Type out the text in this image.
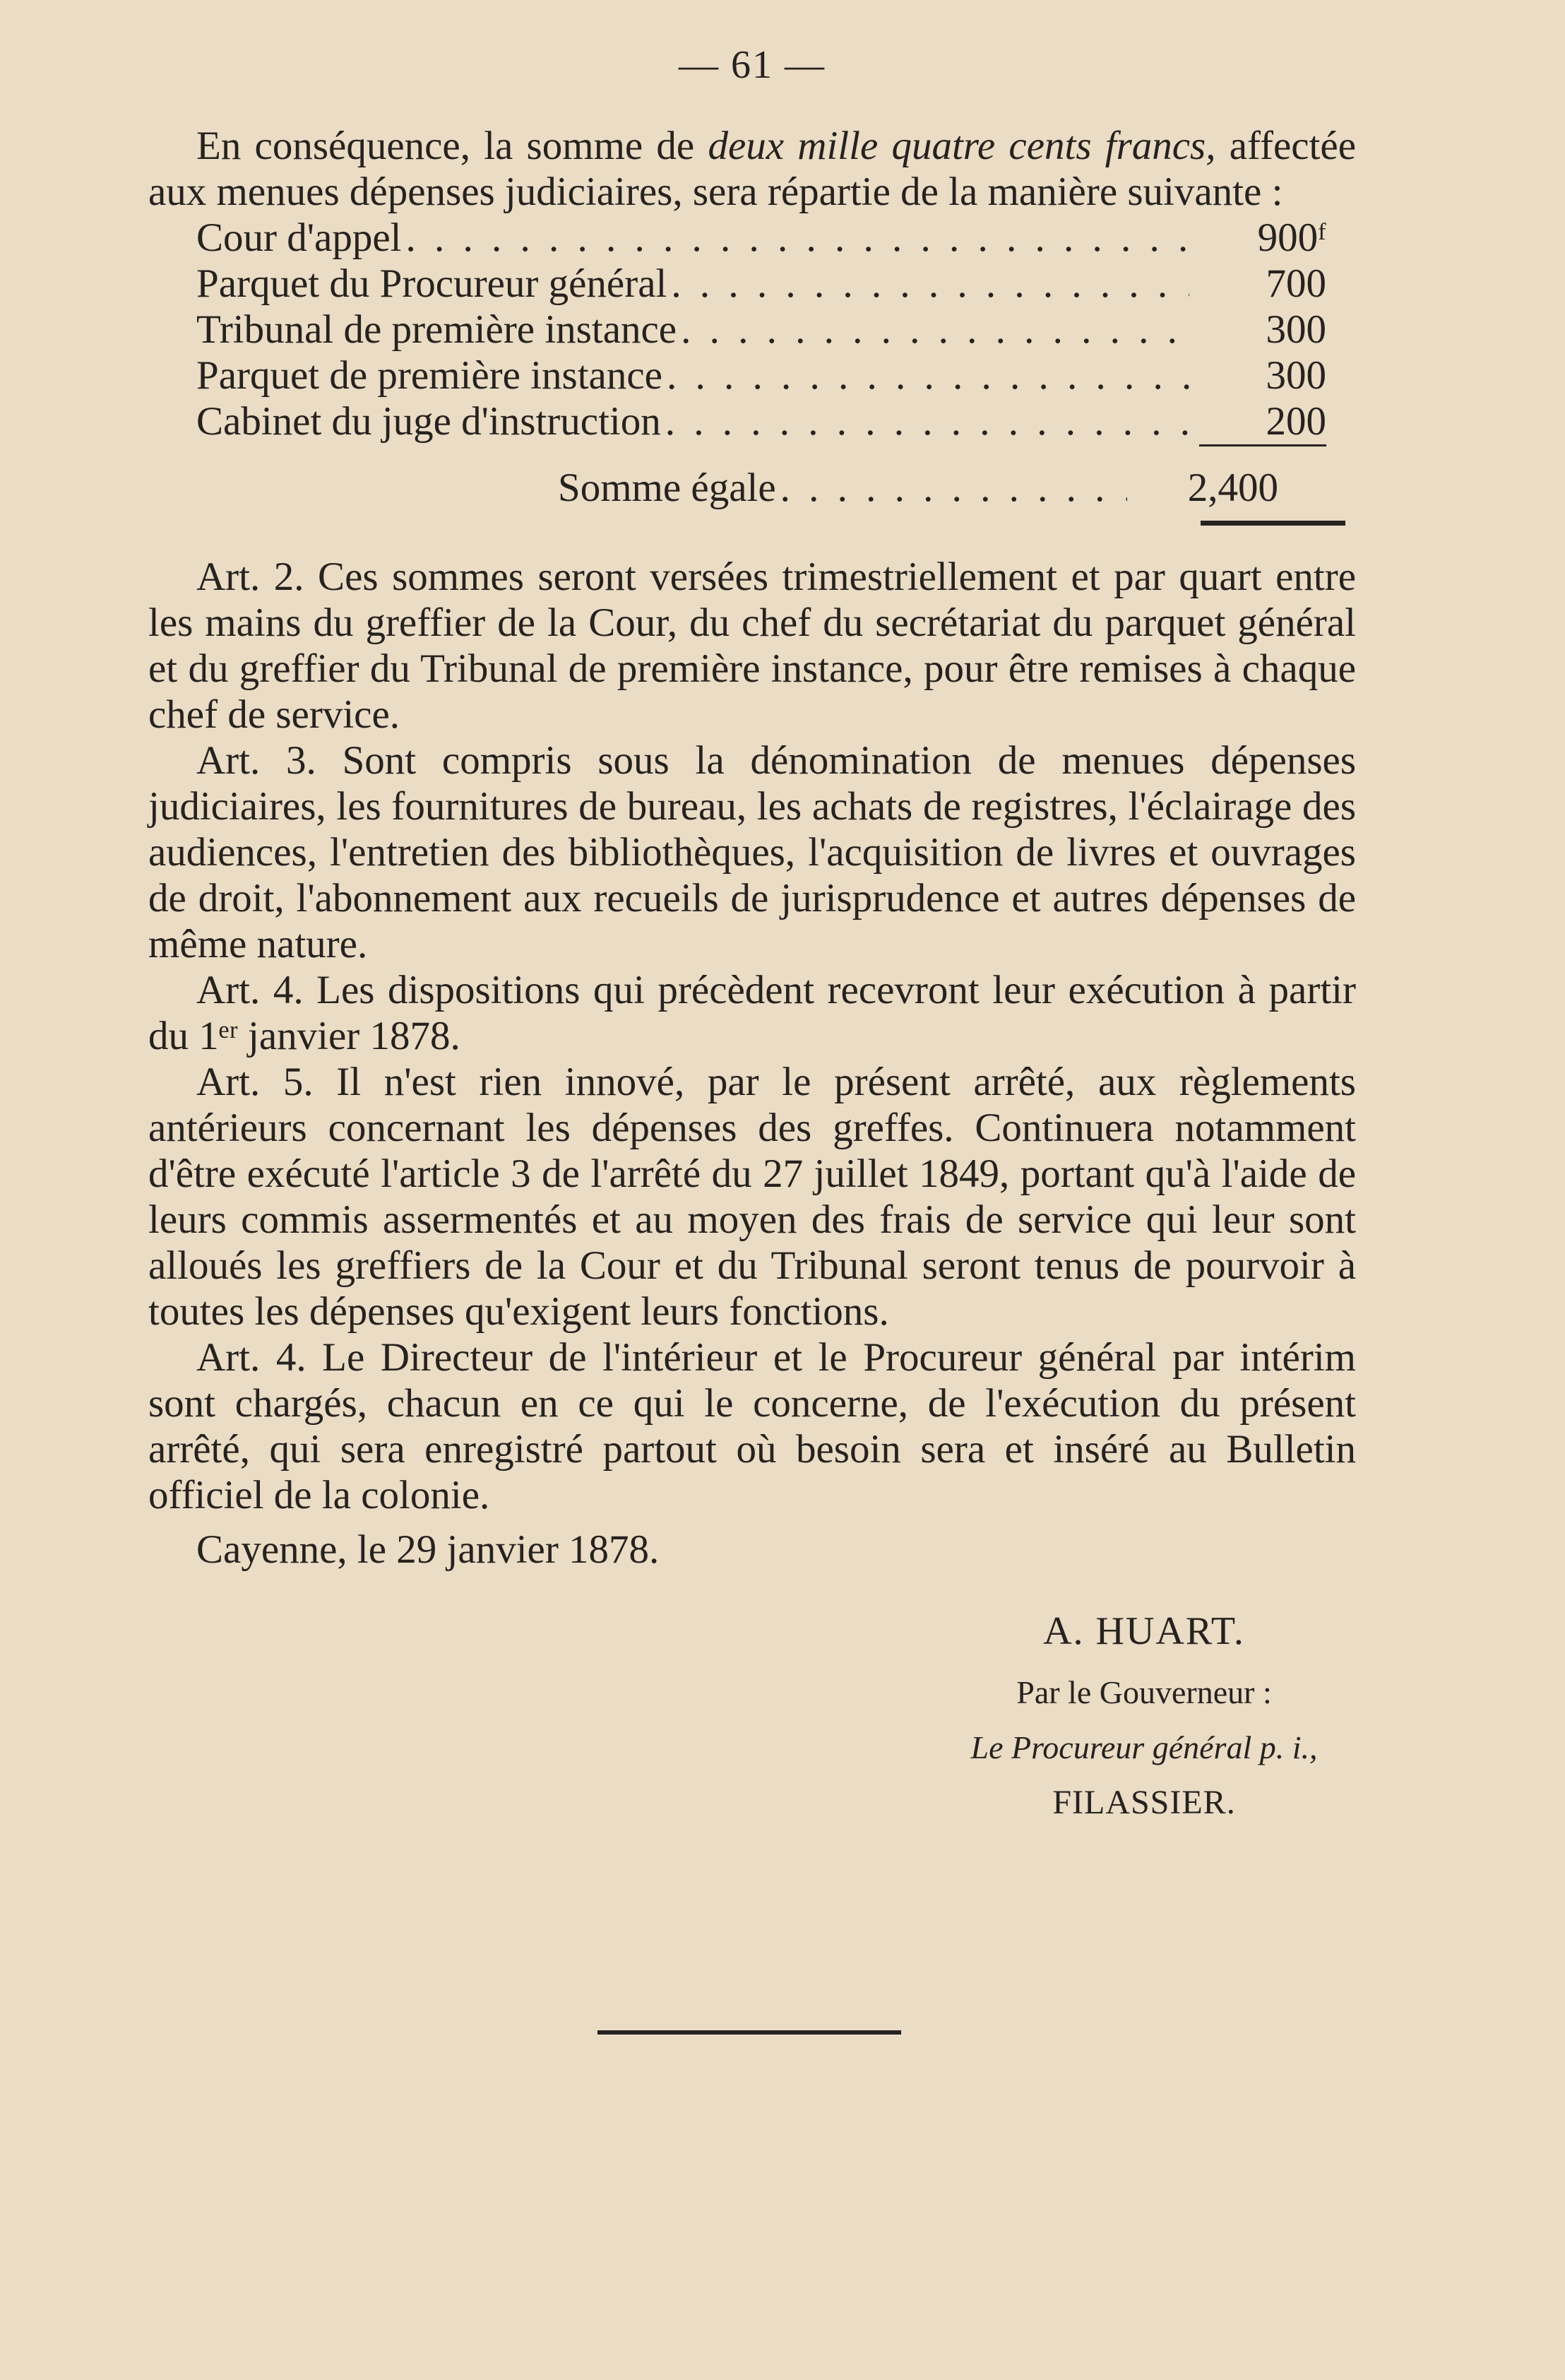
— 61 —

En conséquence, la somme de deux mille quatre cents francs, affectée aux menues dépenses judiciaires, sera répartie de la manière suivante :

Cour d'appel . . .	900ᶠ
Parquet du Procureur général . . .	700
Tribunal de première instance . . .	300
Parquet de première instance . . .	300
Cabinet du juge d'instruction . . .	200
Somme égale . . .	2,400

Art. 2. Ces sommes seront versées trimestriellement et par quart entre les mains du greffier de la Cour, du chef du secrétariat du parquet général et du greffier du Tribunal de première instance, pour être remises à chaque chef de service.

Art. 3. Sont compris sous la dénomination de menues dépenses judiciaires, les fournitures de bureau, les achats de registres, l'éclairage des audiences, l'entretien des bibliothèques, l'acquisition de livres et ouvrages de droit, l'abonnement aux recueils de jurisprudence et autres dépenses de même nature.

Art. 4. Les dispositions qui précèdent recevront leur exécution à partir du 1ᵉʳ janvier 1878.

Art. 5. Il n'est rien innové, par le présent arrêté, aux règlements antérieurs concernant les dépenses des greffes. Continuera notamment d'être exécuté l'article 3 de l'arrêté du 27 juillet 1849, portant qu'à l'aide de leurs commis assermentés et au moyen des frais de service qui leur sont alloués les greffiers de la Cour et du Tribunal seront tenus de pourvoir à toutes les dépenses qu'exigent leurs fonctions.

Art. 4. Le Directeur de l'intérieur et le Procureur général par intérim sont chargés, chacun en ce qui le concerne, de l'exécution du présent arrêté, qui sera enregistré partout où besoin sera et inséré au Bulletin officiel de la colonie.

Cayenne, le 29 janvier 1878.

A. HUART.
Par le Gouverneur :
Le Procureur général p. i.,
FILASSIER.
